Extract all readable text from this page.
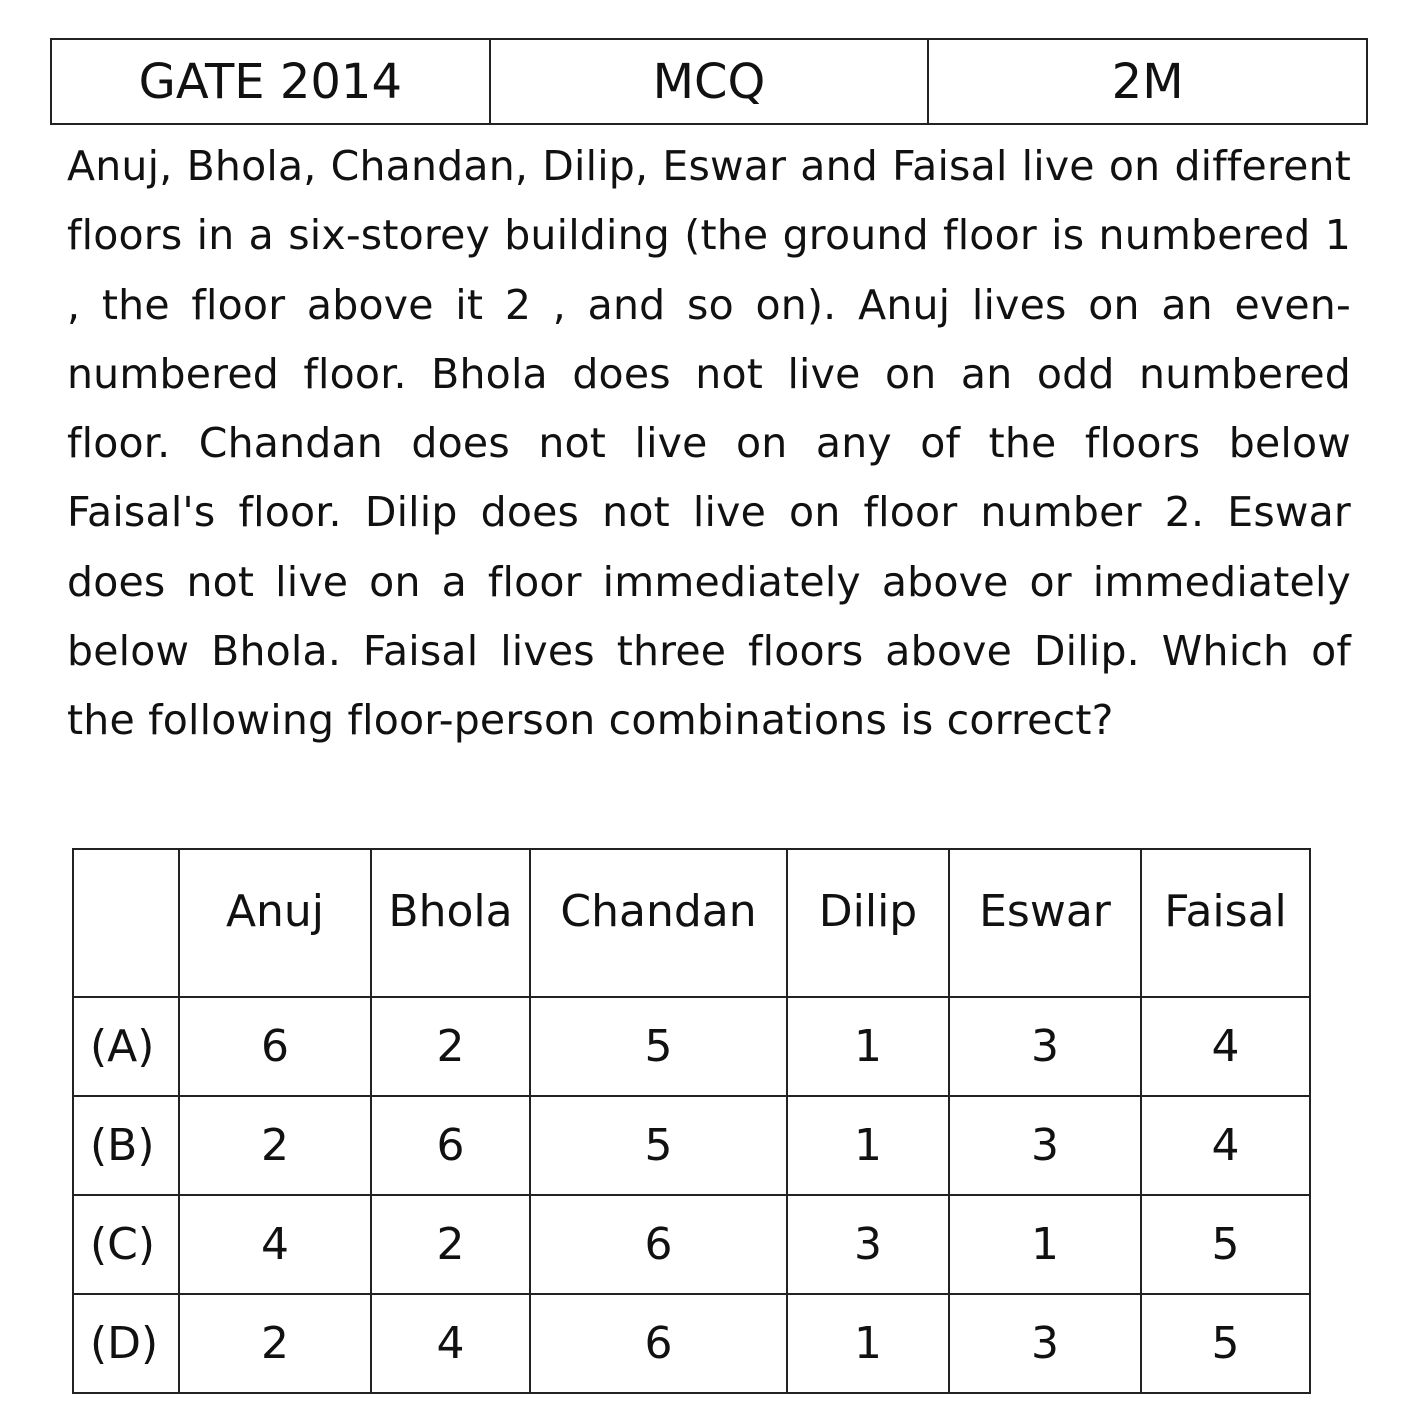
GATE 2014	MCQ	2M

Anuj, Bhola, Chandan, Dilip, Eswar and Faisal live on different floors in a six-storey building (the ground floor is numbered 1 , the floor above it 2 , and so on). Anuj lives on an even-numbered floor. Bhola does not live on an odd numbered floor. Chandan does not live on any of the floors below Faisal's floor. Dilip does not live on floor number 2. Eswar does not live on a floor immediately above or immediately below Bhola. Faisal lives three floors above Dilip. Which of the following floor-person combinations is correct?

	Anuj	Bhola	Chandan	Dilip	Eswar	Faisal
(A)	6	2	5	1	3	4
(B)	2	6	5	1	3	4
(C)	4	2	6	3	1	5
(D)	2	4	6	1	3	5
